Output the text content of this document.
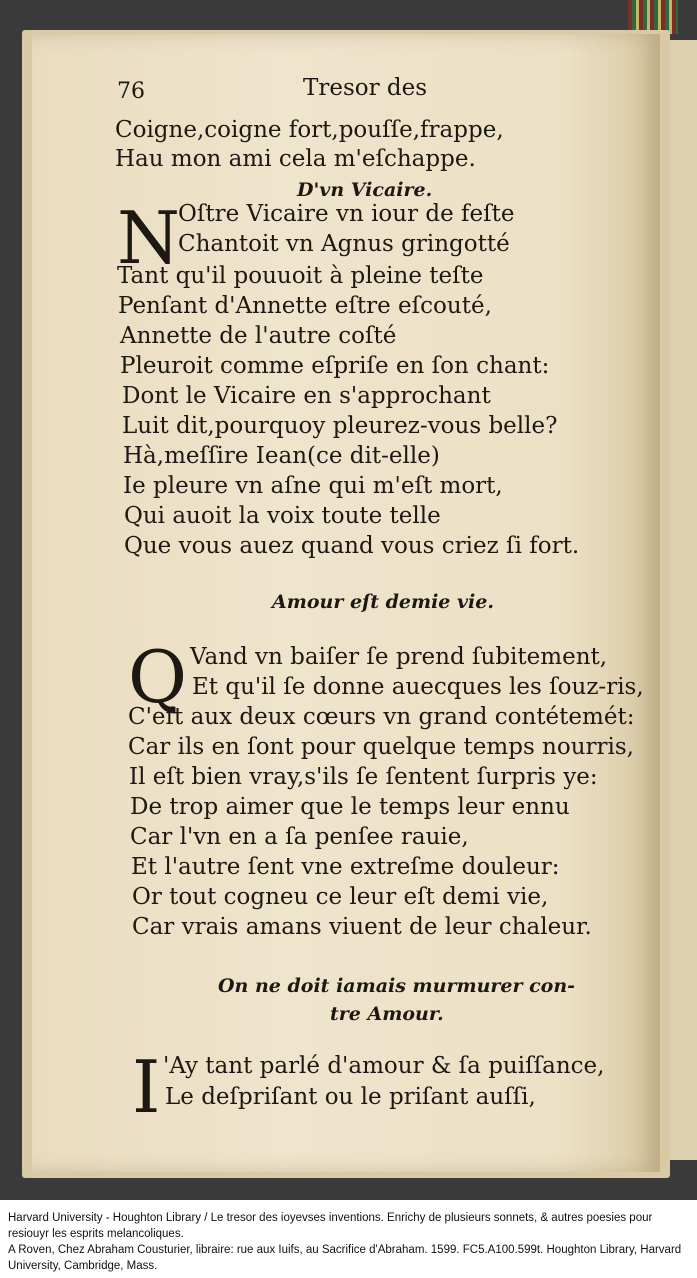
76	Tresor des
Coigne,coigne fort,pouſſe,frappe,
Hau mon ami cela m'eſchappe.
D'vn Vicaire.
N
Oſtre Vicaire vn iour de feſte
Chantoit vn Agnus gringotté
Tant qu'il pouuoit à pleine teſte
Penſant d'Annette eſtre eſcouté,
Annette de l'autre coſté
Pleuroit comme eſpriſe en ſon chant:
Dont le Vicaire en s'approchant
Luit dit,pourquoy pleurez-vous belle?
Hà,meſſire Iean(ce dit-elle)
Ie pleure vn aſne qui m'eſt mort,
Qui auoit la voix toute telle
Que vous auez quand vous criez ſi fort.
Amour eſt demie vie.
Q Vand vn baiſer ſe prend ſubitement,
Et qu'il ſe donne auecques les ſouz-ris,
C'eſt aux deux cœurs vn grand contétemét:
Car ils en ſont pour quelque temps nourris,
Il eſt bien vray,s'ils ſe ſentent ſurpris ye:
De trop aimer que le temps leur ennu
Car l'vn en a ſa penſee rauie,
Et l'autre ſent vne extreſme douleur:
Or tout cogneu ce leur eſt demi vie,
Car vrais amans viuent de leur chaleur.
On ne doit iamais murmurer con-
tre Amour.
I 'Ay tant parlé d'amour & ſa puiſſance,
Le deſpriſant ou le priſant auſſi,

Harvard University - Houghton Library / Le tresor des ioyevses inventions. Enrichy de plusieurs sonnets, & autres poesies pour resiouyr les esprits melancoliques.

A Roven, Chez Abraham Cousturier, libraire: rue aux Iuifs, au Sacrifice d'Abraham. 1599. FC5.A100.599t. Houghton Library, Harvard University, Cambridge, Mass.
